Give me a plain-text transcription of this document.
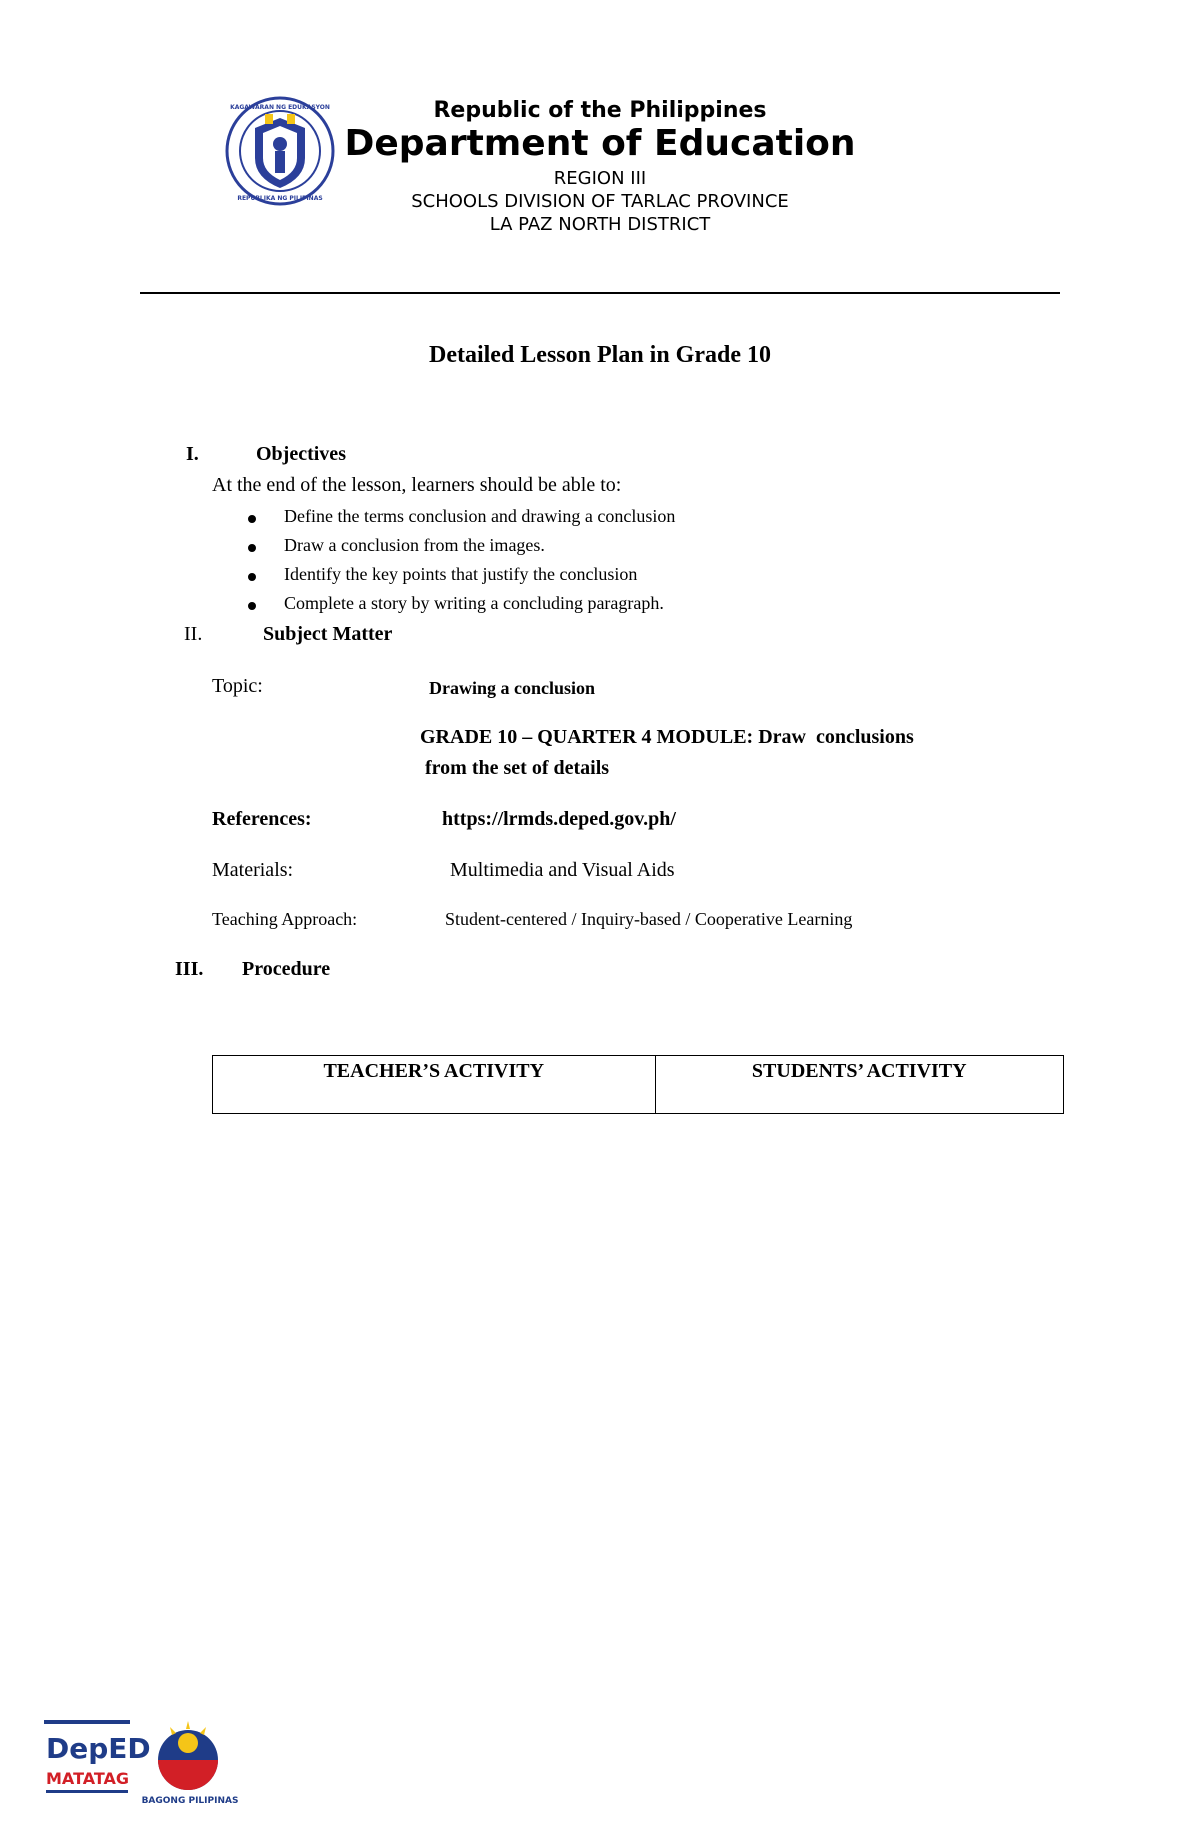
KAGAWARAN NG EDUKASYON
REPUBLIKA NG PILIPINAS
Republic of the Philippines
Department of Education
REGION III
SCHOOLS DIVISION OF TARLAC PROVINCE
LA PAZ NORTH DISTRICT
Detailed Lesson Plan in Grade 10
I.	Objectives
At the end of the lesson, learners should be able to:
Define the terms conclusion and drawing a conclusion
Draw a conclusion from the images.
Identify the key points that justify the conclusion
Complete a story by writing a concluding paragraph.
II.	Subject Matter
Topic:	Drawing a conclusion
GRADE 10 – QUARTER 4 MODULE: Draw  conclusions
from the set of details
References:	https://lrmds.deped.gov.ph/
Materials:	Multimedia and Visual Aids
Teaching Approach:	Student-centered / Inquiry-based / Cooperative Learning
III. Procedure
TEACHER’S ACTIVITY	STUDENTS’ ACTIVITY
DepED
MATATAG
BAGONG PILIPINAS
